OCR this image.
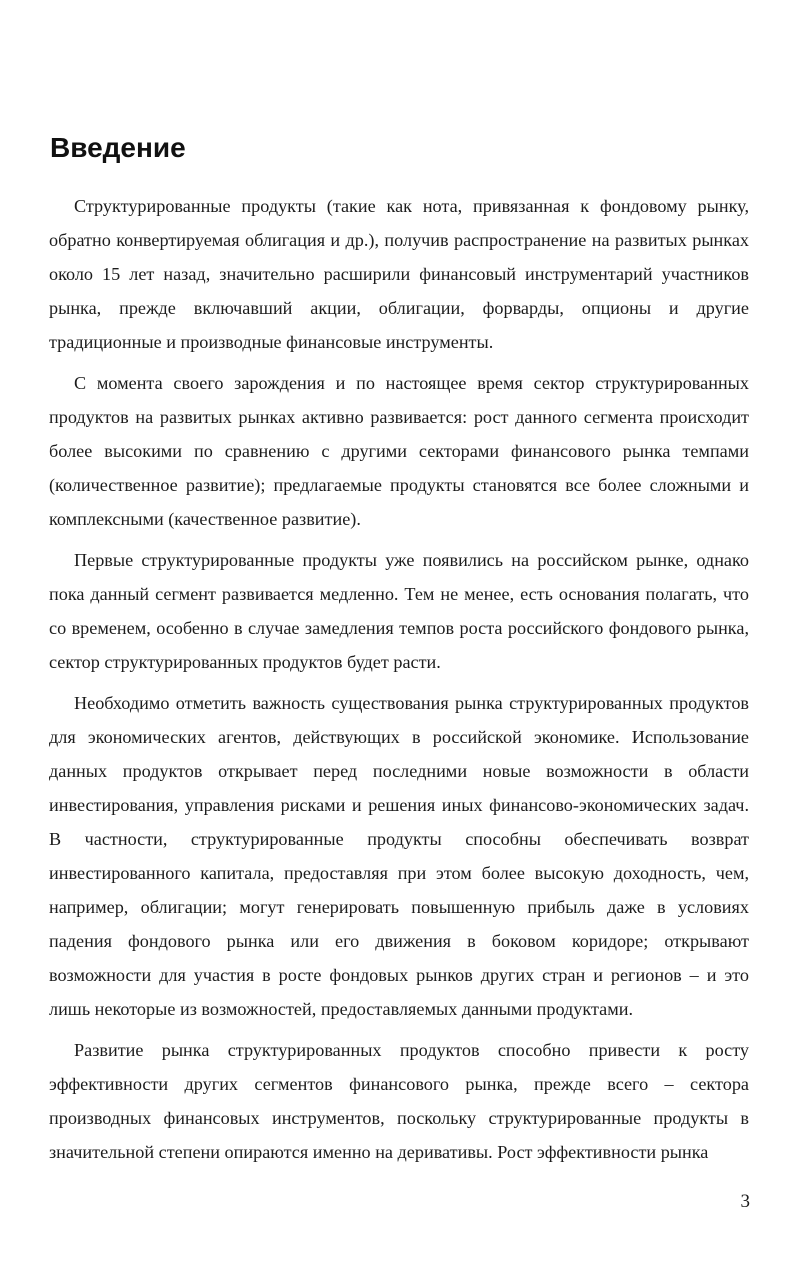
Введение

Структурированные продукты (такие как нота, привязанная к фондовому рынку, обратно конвертируемая облигация и др.), получив распространение на развитых рынках около 15 лет назад, значительно расширили финансовый инструментарий участников рынка, прежде включавший акции, облигации, форварды, опционы и другие традиционные и производные финансовые инструменты.

С момента своего зарождения и по настоящее время сектор структурированных продуктов на развитых рынках активно развивается: рост данного сегмента происходит более высокими по сравнению с другими секторами финансового рынка темпами (количественное развитие); предлагаемые продукты становятся все более сложными и комплексными (качественное развитие).

Первые структурированные продукты уже появились на российском рынке, однако пока данный сегмент развивается медленно. Тем не менее, есть основания полагать, что со временем, особенно в случае замедления темпов роста российского фондового рынка, сектор структурированных продуктов будет расти.

Необходимо отметить важность существования рынка структурированных продуктов для экономических агентов, действующих в российской экономике. Использование данных продуктов открывает перед последними новые возможности в области инвестирования, управления рисками и решения иных финансово-экономических задач. В частности, структурированные продукты способны обеспечивать возврат инвестированного капитала, предоставляя при этом более высокую доходность, чем, например, облигации; могут генерировать повышенную прибыль даже в условиях падения фондового рынка или его движения в боковом коридоре; открывают возможности для участия в росте фондовых рынков других стран и регионов – и это лишь некоторые из возможностей, предоставляемых данными продуктами.

Развитие рынка структурированных продуктов способно привести к росту эффективности других сегментов финансового рынка, прежде всего – сектора производных финансовых инструментов, поскольку структурированные продукты в значительной степени опираются именно на деривативы. Рост эффективности рынка

3
